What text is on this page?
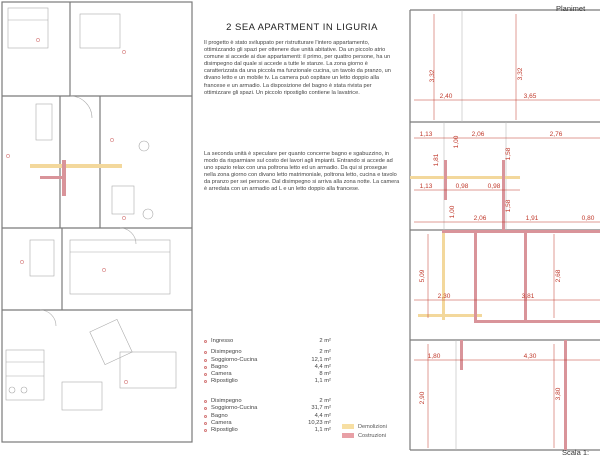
2 SEA APARTMENT IN LIGURIA
Il progetto è stato sviluppato per ristrutturare l'intero appartamento, ottimizzando gli spazi per ottenere due unità abitative. Da un piccolo atrio comune si accede ai due appartamenti: il primo, per quattro persone, ha un disimpegno dal quale si accede a tutte le stanze. La zona giorno è caratterizzata da una piccola ma funzionale cucina, un tavolo da pranzo, un divano letto e un mobile tv. La camera può ospitare un letto doppio alla francese e un armadio. La disposizione del bagno è stata rivista per ottimizzare gli spazi. Un piccolo ripostiglio contiene la lavatrice.
La seconda unità è speculare per quanto concerne bagno e sgabuzzino, in modo da risparmiare sul costo dei lavori agli impianti. Entrando si accede ad uno spazio relax con una poltrona letto ed un armadio. Da qui si prosegue nella zona giorno con divano letto matrimoniale, poltrona letto, cucina e tavolo da pranzo per sei persone. Dal disimpegno si arriva alla zona notte. La camera è arredata con un armadio ad L e un letto doppio alla francese.
Ingresso	2 m²
Disimpegno	2 m²
Soggiorno-Cucina	12,1 m²
Bagno	4,4 m²
Camera	8 m²
Ripostiglio	1,1 m²
Disimpegno	2 m²
Soggiorno-Cucina	31,7 m²
Bagno	4,4 m²
Camera	10,23 m²
Ripostiglio	1,1 m²
Demolizioni
Costruzioni
3,32	3,32
2,40	3,65
1,13	2,06	2,76
1,81
1,00
1,58
1,13	0,98	0,98
1,00	1,58
2,06	1,91	0,80
5,09	2,68
2,30	3,81
1,80	4,30
2,90	3,80
Planimet
Scala 1:
